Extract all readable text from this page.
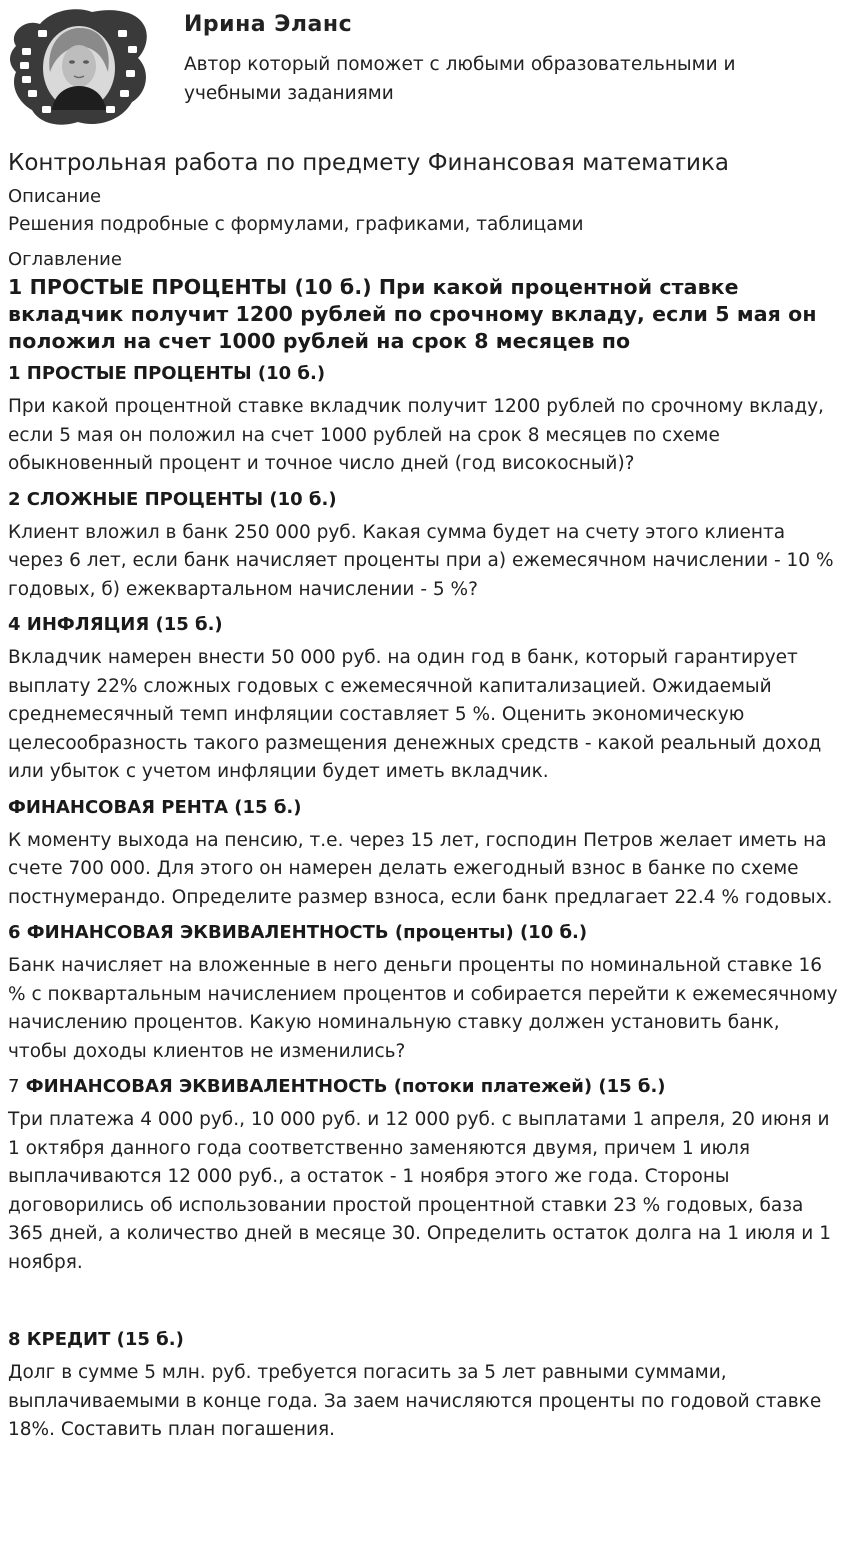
Ирина Эланс
Автор который поможет с любыми образовательными и учебными заданиями
Контрольная работа по предмету Финансовая математика
Описание
Решения подробные с формулами, графиками, таблицами
Оглавление
1 ПРОСТЫЕ ПРОЦЕНТЫ (10 б.) При какой процентной ставке вкладчик получит 1200 рублей по срочному вкладу, если 5 мая он положил на счет 1000 рублей на срок 8 месяцев по
1 ПРОСТЫЕ ПРОЦЕНТЫ (10 б.)

При какой процентной ставке вкладчик получит 1200 рублей по срочному вкладу, если 5 мая он положил на счет 1000 рублей на срок 8 месяцев по схеме обыкновенный процент и точное число дней (год високосный)?

2 СЛОЖНЫЕ ПРОЦЕНТЫ (10 б.)

Клиент вложил в банк 250 000 руб. Какая сумма будет на счету этого клиента через 6 лет, если банк начисляет проценты при а) ежемесячном начислении - 10 % годовых, б) ежеквартальном начислении - 5 %?

4 ИНФЛЯЦИЯ (15 б.)

Вкладчик намерен внести 50 000 руб. на один год в банк, который гарантирует выплату 22% сложных годовых с ежемесячной капитализацией. Ожидаемый среднемесячный темп инфляции составляет 5 %. Оценить экономическую целесообразность такого размещения денежных средств - какой реальный доход или убыток с учетом инфляции будет иметь вкладчик.

ФИНАНСОВАЯ РЕНТА (15 б.)

К моменту выхода на пенсию, т.е. через 15 лет, господин Петров желает иметь на счете 700 000. Для этого он намерен делать ежегодный взнос в банке по схеме постнумерандо. Определите размер взноса, если банк предлагает 22.4 % годовых.

6 ФИНАНСОВАЯ ЭКВИВАЛЕНТНОСТЬ (проценты) (10 б.)

Банк начисляет на вложенные в него деньги проценты по номинальной ставке 16 % с поквартальным начислением процентов и собирается перейти к ежемесячному начислению процентов. Какую номинальную ставку должен установить банк, чтобы доходы клиентов не изменились?

7 ФИНАНСОВАЯ ЭКВИВАЛЕНТНОСТЬ (потоки платежей) (15 б.)

Три платежа 4 000 руб., 10 000 руб. и 12 000 руб. с выплатами 1 апреля, 20 июня и 1 октября данного года соответственно заменяются двумя, причем 1 июля выплачиваются 12 000 руб., а остаток - 1 ноября этого же года. Стороны договорились об использовании простой процентной ставки 23 % годовых, база 365 дней, а количество дней в месяце 30. Определить остаток долга на 1 июля и 1 ноября.

8 КРЕДИТ (15 б.)

Долг в сумме 5 млн. руб. требуется погасить за 5 лет равными суммами, выплачиваемыми в конце года. За заем начисляются проценты по годовой ставке 18%. Составить план погашения.
